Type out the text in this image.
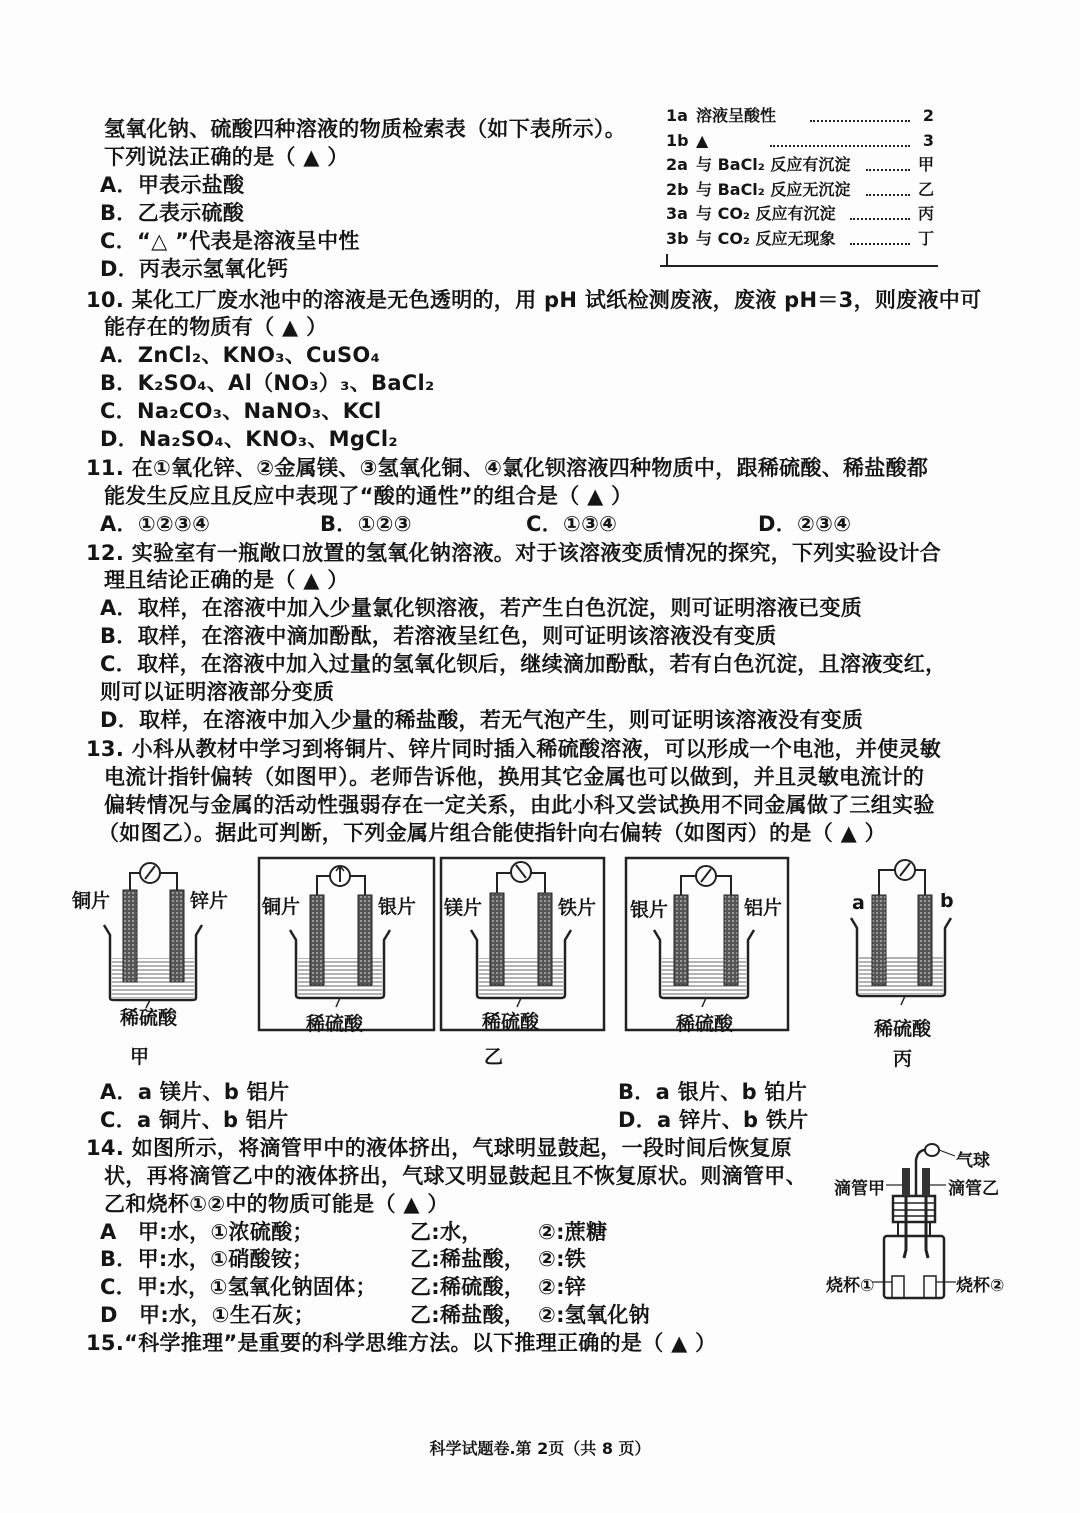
氢氧化钠、硫酸四种溶液的物质检索表（如下表所示）。
下列说法正确的是（ ▲ ）
A．甲表示盐酸
B．乙表示硫酸
C．“△ ”代表是溶液呈中性
D．丙表示氢氧化钙
1a 溶液呈酸性	2
1b ▲	3
2a 与 BaCl₂ 反应有沉淀	甲
2b 与 BaCl₂ 反应无沉淀	乙
3a 与 CO₂ 反应有沉淀	丙
3b 与 CO₂ 反应无现象	丁
10. 某化工厂废水池中的溶液是无色透明的，用 pH 试纸检测废液，废液 pH＝3，则废液中可
能存在的物质有（ ▲ ）
A．ZnCl₂、KNO₃、CuSO₄
B．K₂SO₄、Al（NO₃）₃、BaCl₂
C．Na₂CO₃、NaNO₃、KCl
D．Na₂SO₄、KNO₃、MgCl₂
11. 在①氧化锌、②金属镁、③氢氧化铜、④氯化钡溶液四种物质中，跟稀硫酸、稀盐酸都
能发生反应且反应中表现了“酸的通性”的组合是（ ▲ ）
A．①②③④	B．①②③	C．①③④	D．②③④
12. 实验室有一瓶敞口放置的氢氧化钠溶液。对于该溶液变质情况的探究，下列实验设计合
理且结论正确的是（ ▲ ）
A．取样，在溶液中加入少量氯化钡溶液，若产生白色沉淀，则可证明溶液已变质
B．取样，在溶液中滴加酚酞，若溶液呈红色，则可证明该溶液没有变质
C．取样，在溶液中加入过量的氢氧化钡后，继续滴加酚酞，若有白色沉淀，且溶液变红，
则可以证明溶液部分变质
D．取样，在溶液中加入少量的稀盐酸，若无气泡产生，则可证明该溶液没有变质
13. 小科从教材中学习到将铜片、锌片同时插入稀硫酸溶液，可以形成一个电池，并使灵敏
电流计指针偏转（如图甲）。老师告诉他，换用其它金属也可以做到，并且灵敏电流计的
偏转情况与金属的活动性强弱存在一定关系，由此小科又尝试换用不同金属做了三组实验
（如图乙）。据此可判断，下列金属片组合能使指针向右偏转（如图丙）的是（ ▲ ）
铜片	锌片
稀硫酸
甲
铜片	银片
稀硫酸
镁片	铁片
稀硫酸
乙
银片	铝片
稀硫酸
a	b
稀硫酸
丙
A．a 镁片、b 铝片	B．a 银片、b 铂片
C．a 铜片、b 铝片	D．a 锌片、b 铁片
14. 如图所示，将滴管甲中的液体挤出，气球明显鼓起，一段时间后恢复原
状，再将滴管乙中的液体挤出，气球又明显鼓起且不恢复原状。则滴管甲、
乙和烧杯①②中的物质可能是（ ▲ ）
A　甲:水，①浓硫酸；	乙:水，	②:蔗糖
B．甲:水，①硝酸铵；	乙:稀盐酸， ②:铁
C．甲:水，①氢氧化钠固体； 乙:稀硫酸， ②:锌
D　甲:水，①生石灰；	乙:稀盐酸， ②:氢氧化钠
气球
滴管甲	滴管乙
烧杯①	烧杯②
15.“科学推理”是重要的科学思维方法。以下推理正确的是（ ▲ ）
科学试题卷.第 2页（共 8 页）
